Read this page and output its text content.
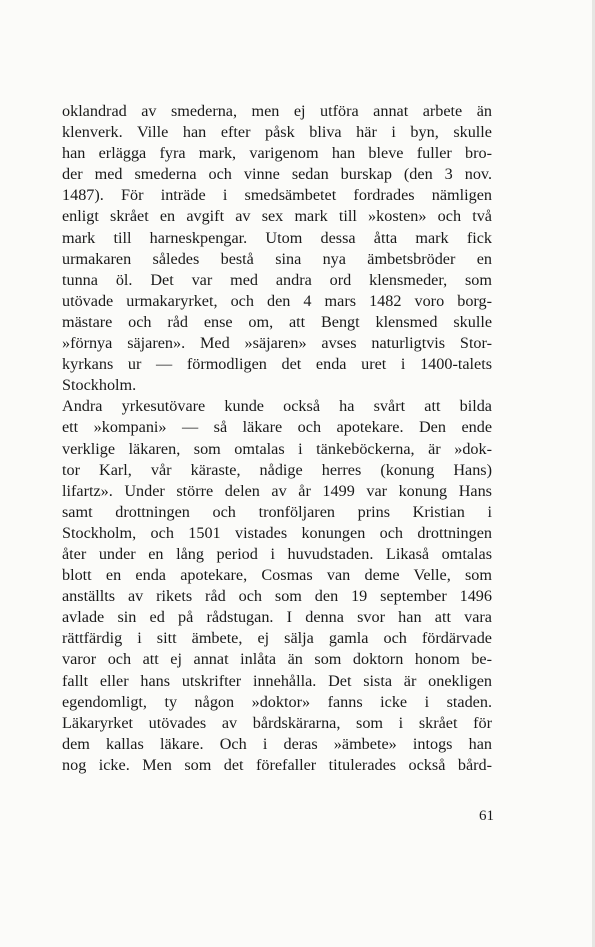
oklandrad av smederna, men ej utföra annat arbete än
klenverk. Ville han efter påsk bliva här i byn, skulle
han erlägga fyra mark, varigenom han bleve fuller bro-
der med smederna och vinne sedan burskap (den 3 nov.
1487). För inträde i smedsämbetet fordrades nämligen
enligt skrået en avgift av sex mark till »kosten» och två
mark till harneskpengar. Utom dessa åtta mark fick
urmakaren således bestå sina nya ämbetsbröder en
tunna öl. Det var med andra ord klensmeder, som
utövade urmakaryrket, och den 4 mars 1482 voro borg-
mästare och råd ense om, att Bengt klensmed skulle
»förnya säjaren». Med »säjaren» avses naturligtvis Stor-
kyrkans ur — förmodligen det enda uret i 1400-talets
Stockholm.
Andra yrkesutövare kunde också ha svårt att bilda
ett »kompani» — så läkare och apotekare. Den ende
verklige läkaren, som omtalas i tänkeböckerna, är »dok-
tor Karl, vår käraste, nådige herres (konung Hans)
lifartz». Under större delen av år 1499 var konung Hans
samt drottningen och tronföljaren prins Kristian i
Stockholm, och 1501 vistades konungen och drottningen
åter under en lång period i huvudstaden. Likaså omtalas
blott en enda apotekare, Cosmas van deme Velle, som
anställts av rikets råd och som den 19 september 1496
avlade sin ed på rådstugan. I denna svor han att vara
rättfärdig i sitt ämbete, ej sälja gamla och fördärvade
varor och att ej annat inlåta än som doktorn honom be-
fallt eller hans utskrifter innehålla. Det sista är onekligen
egendomligt, ty någon »doktor» fanns icke i staden.
Läkaryrket utövades av bårdskärarna, som i skrået för
dem kallas läkare. Och i deras »ämbete» intogs han
nog icke. Men som det förefaller titulerades också bård-
61
